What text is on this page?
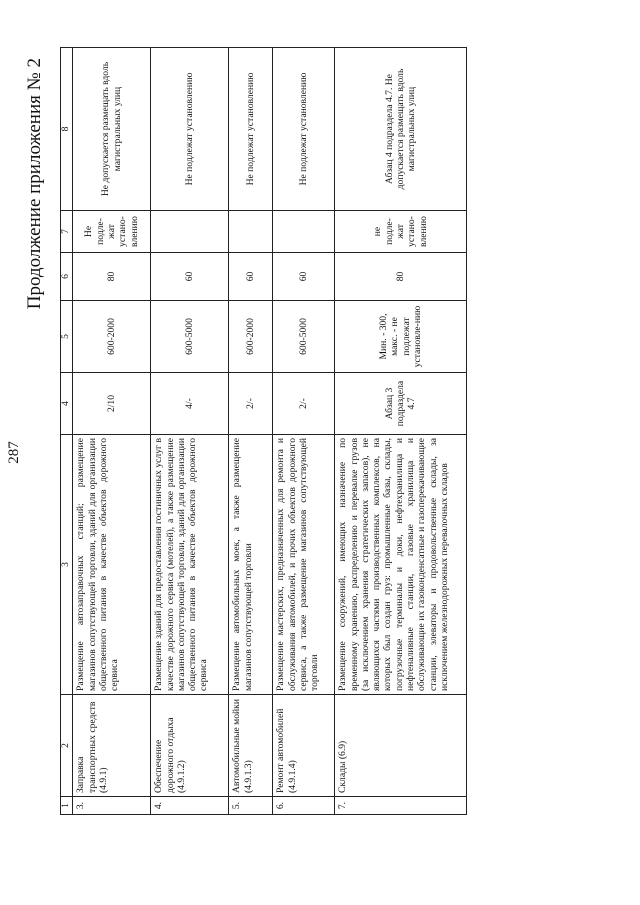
287
Продолжение приложения № 2
1	2	3	4	5	6	7	8
3.	Заправка транспортных средств (4.9.1)	Размещение автозаправочных станций; размещение магазинов сопутствующей торговли, зданий для организации общественного питания в качестве объектов дорожного сервиса	2/10	600-2000	80	Не подле-жат устано-влению	Не допускается размещать вдоль магистральных улиц
4.	Обеспечение дорожного отдыха (4.9.1.2)	Размещение зданий для предоставления гостиничных услуг в качестве дорожного сервиса (мотелей), а также размещение магазинов сопутствующей торговли, зданий для организации общественного питания в качестве объектов дорожного сервиса	4/-	600-5000	60		Не подлежат установлению
5.	Автомобильные мойки (4.9.1.3)	Размещение автомобильных моек, а также размещение магазинов сопутствующей торговли	2/-	600-2000	60		Не подлежат установлению
6.	Ремонт автомобилей (4.9.1.4)	Размещение мастерских, предназначенных для ремонта и обслуживания автомобилей, и прочих объектов дорожного сервиса, а также размещение магазинов сопутствующей торговли	2/-	600-5000	60		Не подлежат установлению
7.	Склады (6.9)	Размещение сооружений, имеющих назначение по временному хранению, распределению и перевалке грузов (за исключением хранения стратегических запасов), не являющихся частями производственных комплексов, на которых был создан груз: промышленные базы, склады, погрузочные терминалы и доки, нефтехранилища и нефтеналивные станции, газовые хранилища и обслуживающие их газоконденсатные и газоперекачивающие станции, элеваторы и продовольственные склады, за исключением железнодорожных перевалочных складов	Абзац 3 подраздела 4.7	Мин. - 300, макс. - не подлежат установле-нию	80	не подле-жат устано-влению	Абзац 4 подраздела 4.7. Не допускается размещать вдоль магистральных улиц
